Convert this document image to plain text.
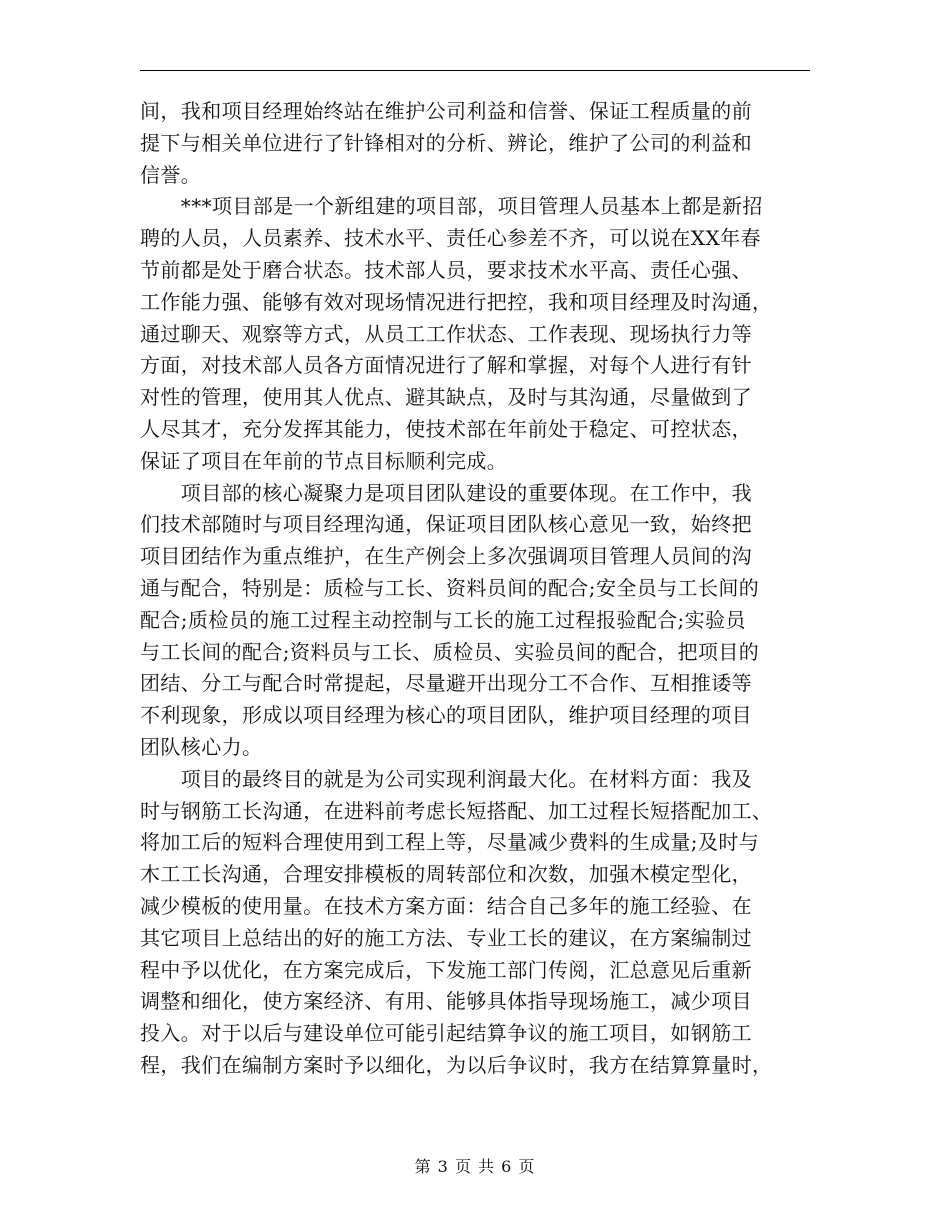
间，我和项目经理始终站在维护公司利益和信誉、保证工程质量的前
提下与相关单位进行了针锋相对的分析、辨论，维护了公司的利益和
信誉。

　　***项目部是一个新组建的项目部，项目管理人员基本上都是新招
聘的人员，人员素养、技术水平、责任心参差不齐，可以说在XX年春
节前都是处于磨合状态。技术部人员，要求技术水平高、责任心强、
工作能力强、能够有效对现场情况进行把控，我和项目经理及时沟通，
通过聊天、观察等方式，从员工工作状态、工作表现、现场执行力等
方面，对技术部人员各方面情况进行了解和掌握，对每个人进行有针
对性的管理，使用其人优点、避其缺点，及时与其沟通，尽量做到了
人尽其才，充分发挥其能力，使技术部在年前处于稳定、可控状态，
保证了项目在年前的节点目标顺利完成。

　　项目部的核心凝聚力是项目团队建设的重要体现。在工作中，我
们技术部随时与项目经理沟通，保证项目团队核心意见一致，始终把
项目团结作为重点维护，在生产例会上多次强调项目管理人员间的沟
通与配合，特别是：质检与工长、资料员间的配合;安全员与工长间的
配合;质检员的施工过程主动控制与工长的施工过程报验配合;实验员
与工长间的配合;资料员与工长、质检员、实验员间的配合，把项目的
团结、分工与配合时常提起，尽量避开出现分工不合作、互相推诿等
不利现象，形成以项目经理为核心的项目团队，维护项目经理的项目
团队核心力。

　　项目的最终目的就是为公司实现利润最大化。在材料方面：我及
时与钢筋工长沟通，在进料前考虑长短搭配、加工过程长短搭配加工、
将加工后的短料合理使用到工程上等，尽量减少费料的生成量;及时与
木工工长沟通，合理安排模板的周转部位和次数，加强木模定型化，
减少模板的使用量。在技术方案方面：结合自己多年的施工经验、在
其它项目上总结出的好的施工方法、专业工长的建议，在方案编制过
程中予以优化，在方案完成后，下发施工部门传阅，汇总意见后重新
调整和细化，使方案经济、有用、能够具体指导现场施工，减少项目
投入。对于以后与建设单位可能引起结算争议的施工项目，如钢筋工
程，我们在编制方案时予以细化，为以后争议时，我方在结算算量时，

第 3 页 共 6 页
